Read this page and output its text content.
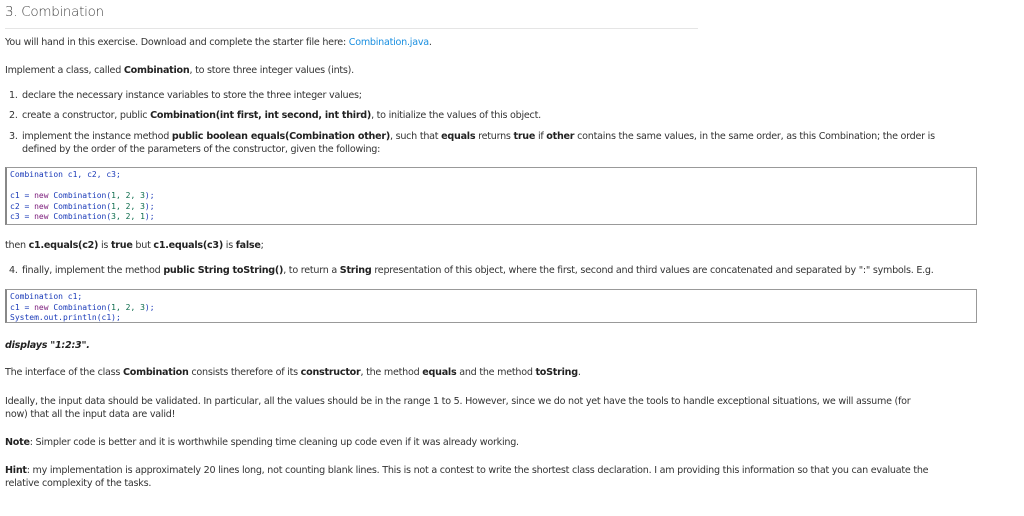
3. Combination
You will hand in this exercise. Download and complete the starter file here: Combination.java.
Implement a class, called Combination, to store three integer values (ints).
1. declare the necessary instance variables to store the three integer values;
2. create a constructor, public Combination(int first, int second, int third), to initialize the values of this object.
3. implement the instance method public boolean equals(Combination other), such that equals returns true if other contains the same values, in the same order, as this Combination; the order is
defined by the order of the parameters of the constructor, given the following:
Combination c1, c2, c3;
c1 = new Combination(1, 2, 3);
c2 = new Combination(1, 2, 3);
c3 = new Combination(3, 2, 1);
then c1.equals(c2) is true but c1.equals(c3) is false;
4. finally, implement the method public String toString(), to return a String representation of this object, where the first, second and third values are concatenated and separated by ":" symbols. E.g.
Combination c1;
c1 = new Combination(1, 2, 3);
System.out.println(c1);
displays "1:2:3".
The interface of the class Combination consists therefore of its constructor, the method equals and the method toString.
Ideally, the input data should be validated. In particular, all the values should be in the range 1 to 5. However, since we do not yet have the tools to handle exceptional situations, we will assume (for
now) that all the input data are valid!
Note: Simpler code is better and it is worthwhile spending time cleaning up code even if it was already working.
Hint: my implementation is approximately 20 lines long, not counting blank lines. This is not a contest to write the shortest class declaration. I am providing this information so that you can evaluate the
relative complexity of the tasks.
